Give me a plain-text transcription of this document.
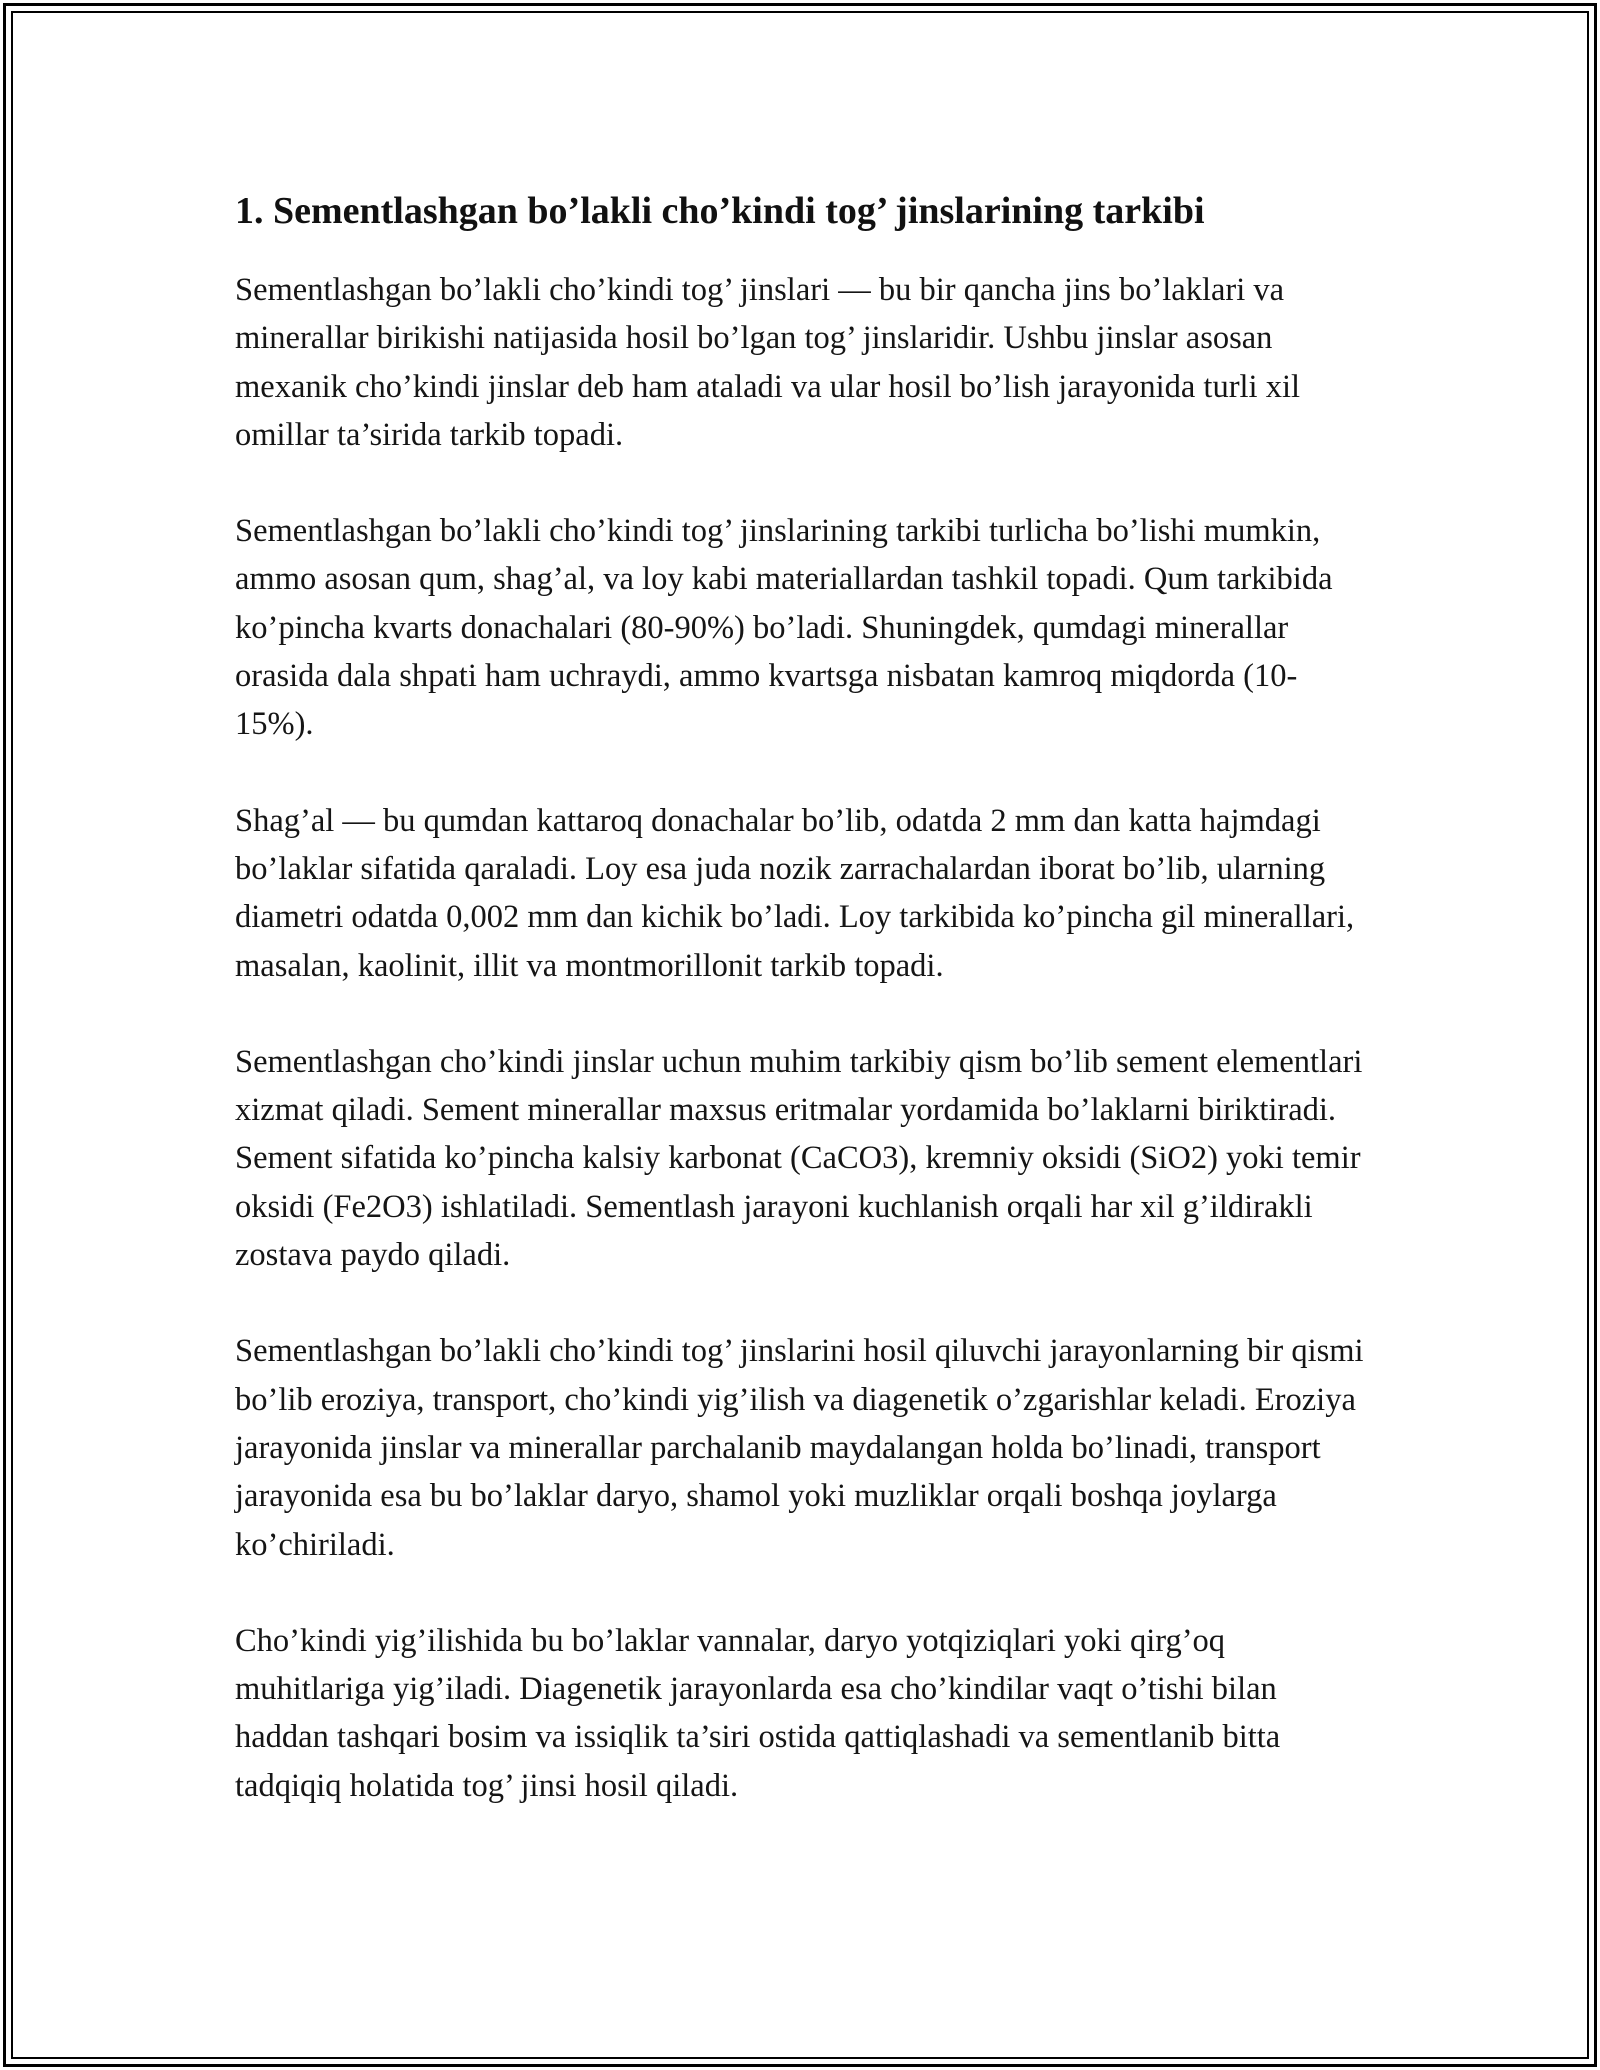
1. Sementlashgan bo’lakli cho’kindi tog’ jinslarining tarkibi

Sementlashgan bo’lakli cho’kindi tog’ jinslari — bu bir qancha jins bo’laklari va minerallar birikishi natijasida hosil bo’lgan tog’ jinslaridir. Ushbu jinslar asosan mexanik cho’kindi jinslar deb ham ataladi va ular hosil bo’lish jarayonida turli xil omillar ta’sirida tarkib topadi.

Sementlashgan bo’lakli cho’kindi tog’ jinslarining tarkibi turlicha bo’lishi mumkin, ammo asosan qum, shag’al, va loy kabi materiallardan tashkil topadi. Qum tarkibida ko’pincha kvarts donachalari (80-90%) bo’ladi. Shuningdek, qumdagi minerallar orasida dala shpati ham uchraydi, ammo kvartsga nisbatan kamroq miqdorda (10-15%).

Shag’al — bu qumdan kattaroq donachalar bo’lib, odatda 2 mm dan katta hajmdagi bo’laklar sifatida qaraladi. Loy esa juda nozik zarrachalardan iborat bo’lib, ularning diametri odatda 0,002 mm dan kichik bo’ladi. Loy tarkibida ko’pincha gil minerallari, masalan, kaolinit, illit va montmorillonit tarkib topadi.

Sementlashgan cho’kindi jinslar uchun muhim tarkibiy qism bo’lib sement elementlari xizmat qiladi. Sement minerallar maxsus eritmalar yordamida bo’laklarni biriktiradi. Sement sifatida ko’pincha kalsiy karbonat (CaCO3), kremniy oksidi (SiO2) yoki temir oksidi (Fe2O3) ishlatiladi. Sementlash jarayoni kuchlanish orqali har xil g’ildirakli zostava paydo qiladi.

Sementlashgan bo’lakli cho’kindi tog’ jinslarini hosil qiluvchi jarayonlarning bir qismi bo’lib eroziya, transport, cho’kindi yig’ilish va diagenetik o’zgarishlar keladi. Eroziya jarayonida jinslar va minerallar parchalanib maydalangan holda bo’linadi, transport jarayonida esa bu bo’laklar daryo, shamol yoki muzliklar orqali boshqa joylarga ko’chiriladi.

Cho’kindi yig’ilishida bu bo’laklar vannalar, daryo yotqiziqlari yoki qirg’oq muhitlariga yig’iladi. Diagenetik jarayonlarda esa cho’kindilar vaqt o’tishi bilan haddan tashqari bosim va issiqlik ta’siri ostida qattiqlashadi va sementlanib bitta tadqiqiq holatida tog’ jinsi hosil qiladi.
